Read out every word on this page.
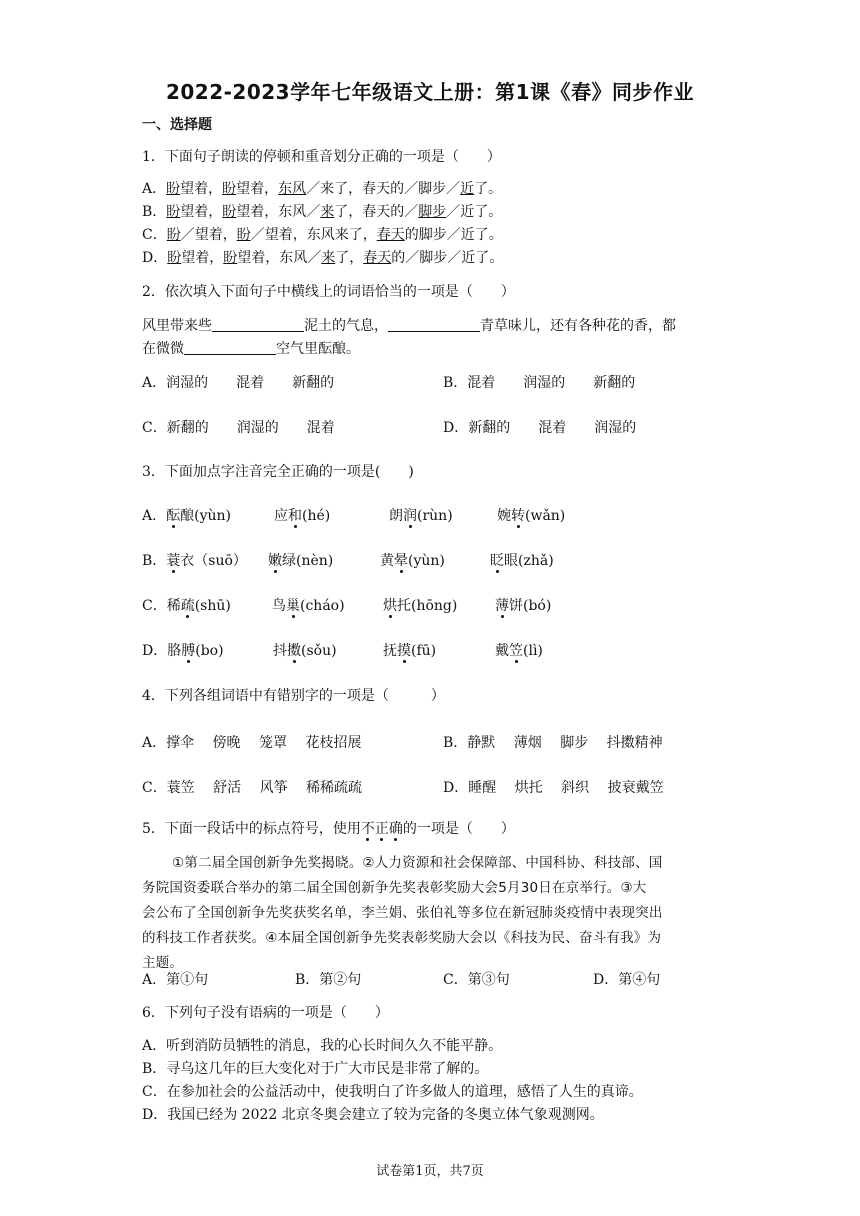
2022-2023学年七年级语文上册：第1课《春》同步作业
一、选择题
1．下面句子朗读的停顿和重音划分正确的一项是（　　）
A．盼望着，盼望着，东风／来了，春天的／脚步／近了。
B．盼望着，盼望着，东风／来了，春天的／脚步／近了。
C．盼／望着，盼／望着，东风来了，春天的脚步／近了。
D．盼望着，盼望着，东风／来了，春天的／脚步／近了。
2．依次填入下面句子中横线上的词语恰当的一项是（　　）
风里带来些	泥土的气息，	青草味儿，还有各种花的香，都
在微微	空气里酝酿。
A．润湿的　　混着　　新翻的	B．混着　　润湿的　　新翻的
C．新翻的　　润湿的　　混着	D．新翻的　　混着　　润湿的
3．下面加点字注音完全正确的一项是(　　)
A．酝酿(yùn)	应和(hé)	朗润(rùn)	婉转(wǎn)
B．蓑衣（suō） 嫩绿(nèn)	黄晕(yùn)	眨眼(zhǎ)
C．稀疏(shū)	鸟巢(cháo)	烘托(hōng)	薄饼(bó)
D．胳膊(bo)	抖擞(sǒu)	抚摸(fū)	戴笠(lì)
4．下列各组词语中有错别字的一项是（　　　）
A．撑伞　 傍晚　 笼罩　 花枝招展	B．静默　 薄烟　 脚步　 抖擞精神
C．蓑笠　 舒活　 风筝　 稀稀疏疏	D．睡醒　 烘托　 斜织　 披衰戴笠
5．下面一段话中的标点符号，使用不正确的一项是（　　）
①第二届全国创新争先奖揭晓。②人力资源和社会保障部、中国科协、科技部、国
务院国资委联合举办的第二届全国创新争先奖表彰奖励大会5月30日在京举行。③大
会公布了全国创新争先奖获奖名单，李兰娟、张伯礼等多位在新冠肺炎疫情中表现突出
的科技工作者获奖。④本届全国创新争先奖表彰奖励大会以《科技为民、奋斗有我》为
主题。
A．第①句	B．第②句	C．第③句	D．第④句
6．下列句子没有语病的一项是（　　）
A．听到消防员牺牲的消息，我的心长时间久久不能平静。
B．寻乌这几年的巨大变化对于广大市民是非常了解的。
C．在参加社会的公益活动中，使我明白了许多做人的道理，感悟了人生的真谛。
D．我国已经为 2022 北京冬奥会建立了较为完备的冬奥立体气象观测网。
试卷第1页，共7页
